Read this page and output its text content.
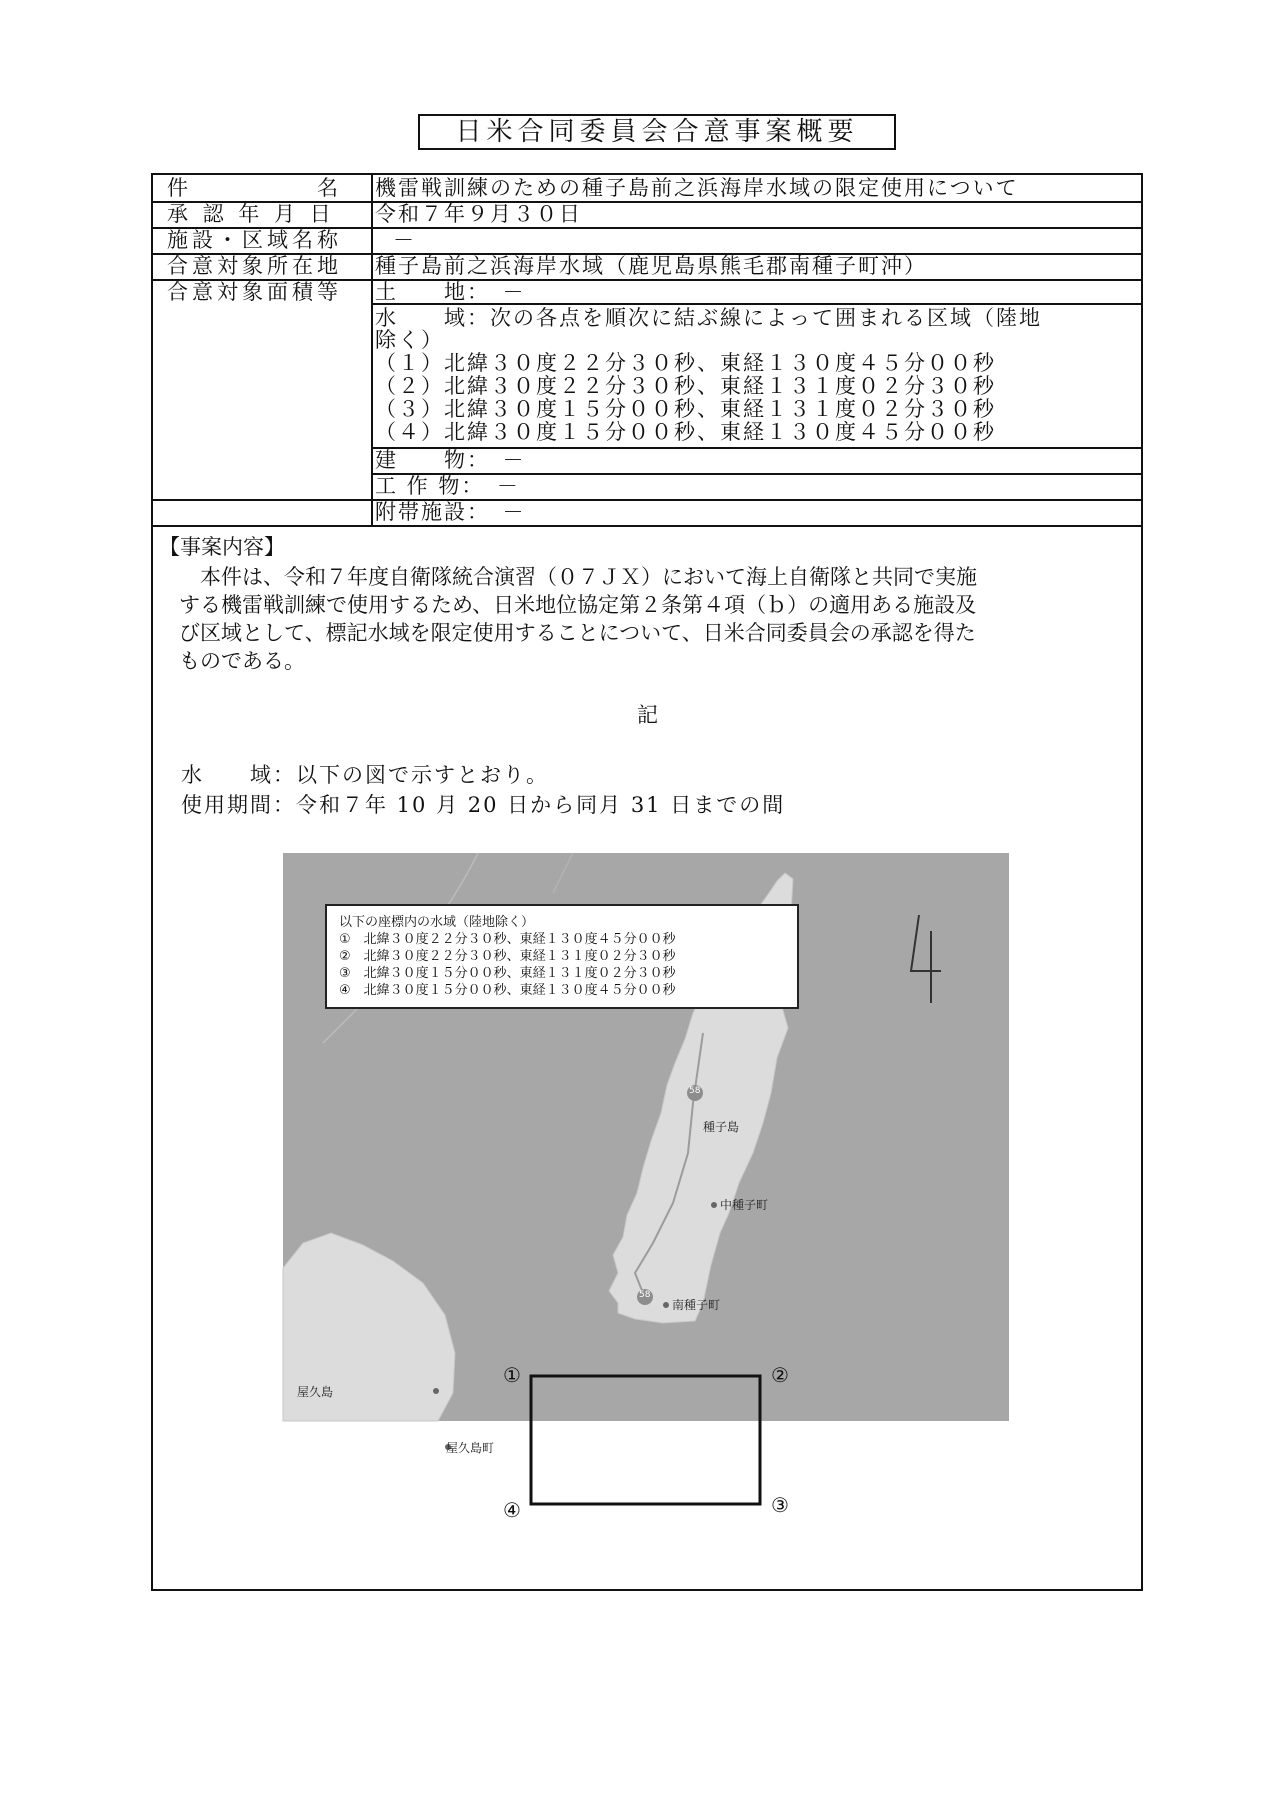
日米合同委員会合意事案概要
件　　　　　名	機雷戦訓練のための種子島前之浜海岸水域の限定使用について
承 認 年 月 日	令和７年９月３０日
施設・区域名称	－
合意対象所在地	種子島前之浜海岸水域（鹿児島県熊毛郡南種子町沖）
合意対象面積等	土　　地：　－
水　　域：次の各点を順次に結ぶ線によって囲まれる区域（陸地
除く）
（１）北緯３０度２２分３０秒、東経１３０度４５分００秒
（２）北緯３０度２２分３０秒、東経１３１度０２分３０秒
（３）北緯３０度１５分００秒、東経１３１度０２分３０秒
（４）北緯３０度１５分００秒、東経１３０度４５分００秒
建　　物：　－
工 作 物：　－
附帯施設：　－
【事案内容】
　本件は、令和７年度自衛隊統合演習（０７ＪＸ）において海上自衛隊と共同で実施
する機雷戦訓練で使用するため、日米地位協定第２条第４項（ｂ）の適用ある施設及
び区域として、標記水域を限定使用することについて、日米合同委員会の承認を得た
ものである。
記
水　　域：以下の図で示すとおり。
使用期間：令和７年 10 月 20 日から同月 31 日までの間
以下の座標内の水域（陸地除く）
①　北緯３０度２２分３０秒、東経１３０度４５分００秒
②　北緯３０度２２分３０秒、東経１３１度０２分３０秒
③　北緯３０度１５分００秒、東経１３１度０２分３０秒
④　北緯３０度１５分００秒、東経１３０度４５分００秒
種子島
中種子町
南種子町
屋久島
屋久島町
58
58
①	②
③
④
